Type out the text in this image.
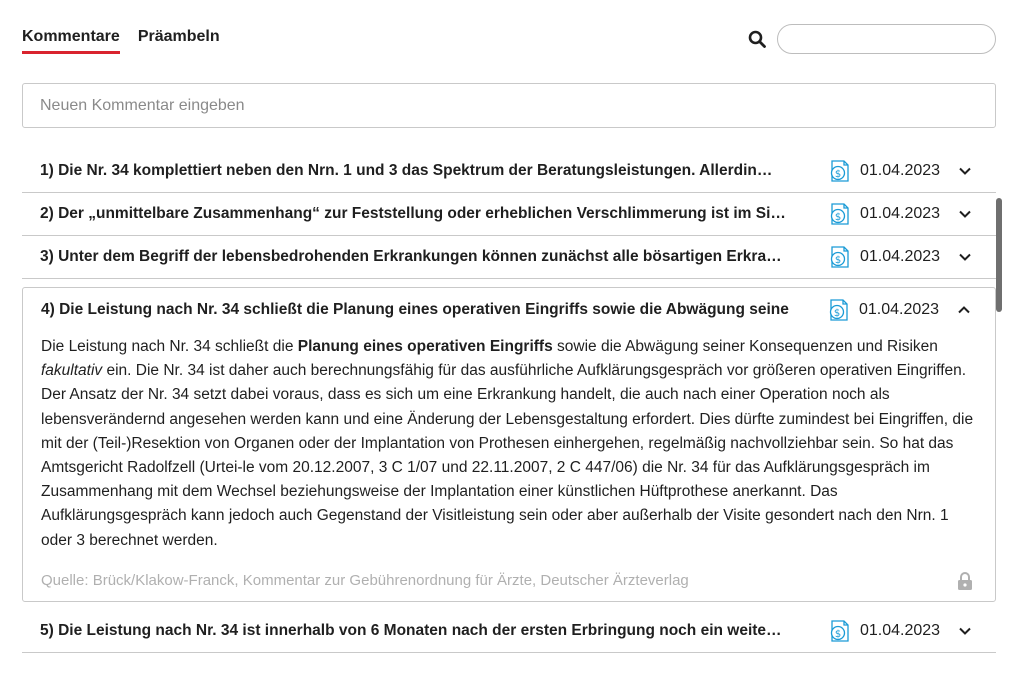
Kommentare Präambeln
Neuen Kommentar eingeben
1) Die Nr. 34 komplettiert neben den Nrn. 1 und 3 das Spektrum der Beratungsleistungen. Allerdin…	$ 01.04.2023
2) Der „unmittelbare Zusammenhang“ zur Feststellung oder erheblichen Verschlimmerung ist im Si…	$ 01.04.2023
3) Unter dem Begriff der lebensbedrohenden Erkrankungen können zunächst alle bösartigen Erkra…	$ 01.04.2023
4) Die Leistung nach Nr. 34 schließt die Planung eines operativen Eingriffs sowie die Abwägung seine	$ 01.04.2023
Die Leistung nach Nr. 34 schließt die Planung eines operativen Eingriffs sowie die Abwägung seiner Konsequenzen und Risiken fakultativ ein. Die Nr. 34 ist daher auch berechnungsfähig für das ausführliche Aufklärungsgespräch vor größeren operativen Eingriffen. Der Ansatz der Nr. 34 setzt dabei voraus, dass es sich um eine Erkrankung handelt, die auch nach einer Operation noch als lebensverändernd angesehen werden kann und eine Änderung der Lebensgestaltung erfordert. Dies dürfte zumindest bei Eingriffen, die mit der (Teil-)Resektion von Organen oder der Implantation von Prothesen einhergehen, regelmäßig nachvollziehbar sein. So hat das Amtsgericht Radolfzell (Urtei-le vom 20.12.2007, 3 C 1/07 und 22.11.2007, 2 C 447/06) die Nr. 34 für das Aufklärungsgespräch im Zusammenhang mit dem Wechsel beziehungsweise der Implantation einer künstlichen Hüftprothese anerkannt. Das Aufklärungsgespräch kann jedoch auch Gegenstand der Visitleistung sein oder aber außerhalb der Visite gesondert nach den Nrn. 1 oder 3 berechnet werden.
Quelle: Brück/Klakow-Franck, Kommentar zur Gebührenordnung für Ärzte, Deutscher Ärzteverlag
5) Die Leistung nach Nr. 34 ist innerhalb von 6 Monaten nach der ersten Erbringung noch ein weite…	$ 01.04.2023
